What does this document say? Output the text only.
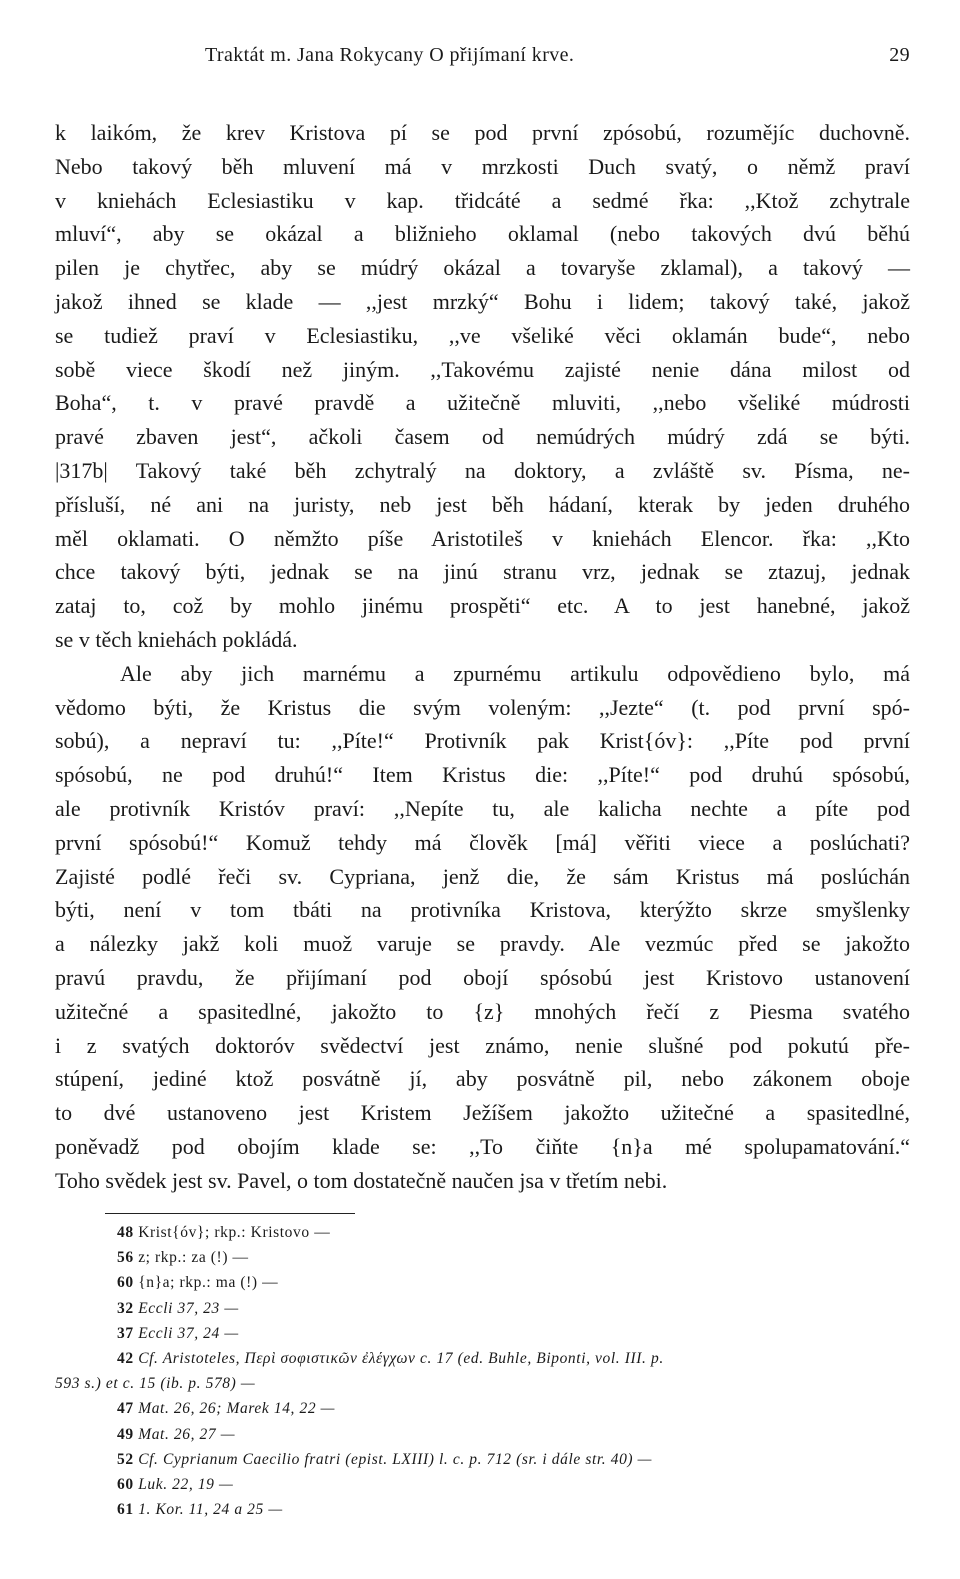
Traktát m. Jana Rokycany O přijímaní krve.	29
k laikóm, že krev Kristova pí se pod první zpósobú, rozumějíc duchovně.
Nebo takový běh mluvení má v mrzkosti Duch svatý, o němž praví
v kniehách Eclesiastiku v kap. třidcáté a sedmé řka: ,,Ktož zchytrale
mluví“, aby se okázal a bližnieho oklamal (nebo takových dvú běhú
pilen je chytřec, aby se múdrý okázal a tovaryše zklamal), a takový —
jakož ihned se klade — ,,jest mrzký“ Bohu i lidem; takový také, jakož
se tudiež praví v Eclesiastiku, ,,ve všeliké věci oklamán bude“, nebo
sobě viece škodí než jiným. ,,Takovému zajisté nenie dána milost od
Boha“, t. v pravé pravdě a užitečně mluviti, ,,nebo všeliké múdrosti
pravé zbaven jest“, ačkoli časem od nemúdrých múdrý zdá se býti.
|317b| Takový také běh zchytralý na doktory, a zvláště sv. Písma, ne-
přísluší, né ani na juristy, neb jest běh hádaní, kterak by jeden druhého
měl oklamati. O němžto píše Aristotileš v kniehách Elencor. řka: ,,Kto
chce takový býti, jednak se na jinú stranu vrz, jednak se ztazuj, jednak
zataj to, což by mohlo jinému prospěti“ etc. A to jest hanebné, jakož
se v těch kniehách pokládá.
Ale aby jich marnému a zpurnému artikulu odpovědieno bylo, má
vědomo býti, že Kristus die svým voleným: ,,Jezte“ (t. pod první spó-
sobú), a nepraví tu: ,,Píte!“ Protivník pak Krist{óv}: ,,Píte pod první
spósobú, ne pod druhú!“ Item Kristus die: ,,Píte!“ pod druhú spósobú,
ale protivník Kristóv praví: ,,Nepíte tu, ale kalicha nechte a píte pod
první spósobú!“ Komuž tehdy má člověk [má] věřiti viece a poslúchati?
Zajisté podlé řeči sv. Cypriana, jenž die, že sám Kristus má poslúchán
býti, není v tom tbáti na protivníka Kristova, kterýžto skrze smyšlenky
a nálezky jakž koli muož varuje se pravdy. Ale vezmúc před se jakožto
pravú pravdu, že přijímaní pod obojí spósobú jest Kristovo ustanovení
užitečné a spasitedlné, jakožto to {z} mnohých řečí z Piesma svatého
i z svatých doktoróv svědectví jest známo, nenie slušné pod pokutú pře-
stúpení, jediné ktož posvátně jí, aby posvátně pil, nebo zákonem oboje
to dvé ustanoveno jest Kristem Ježíšem jakožto užitečné a spasitedlné,
poněvadž pod obojím klade se: ,,To čiňte {n}a mé spolupamatování.“
Toho svědek jest sv. Pavel, o tom dostatečně naučen jsa v třetím nebi.
48 Krist{óv}; rkp.: Kristovo —
56 z; rkp.: za (!) —
60 {n}a; rkp.: ma (!) —
32 Eccli 37, 23 —
37 Eccli 37, 24 —
42 Cf. Aristoteles, Περὶ σοφιστικῶν ἐλέγχων c. 17 (ed. Buhle, Biponti, vol. III. p.
593 s.) et c. 15 (ib. p. 578) —
47 Mat. 26, 26; Marek 14, 22 —
49 Mat. 26, 27 —
52 Cf. Cyprianum Caecilio fratri (epist. LXIII) l. c. p. 712 (sr. i dále str. 40) —
60 Luk. 22, 19 —
61 1. Kor. 11, 24 a 25 —
